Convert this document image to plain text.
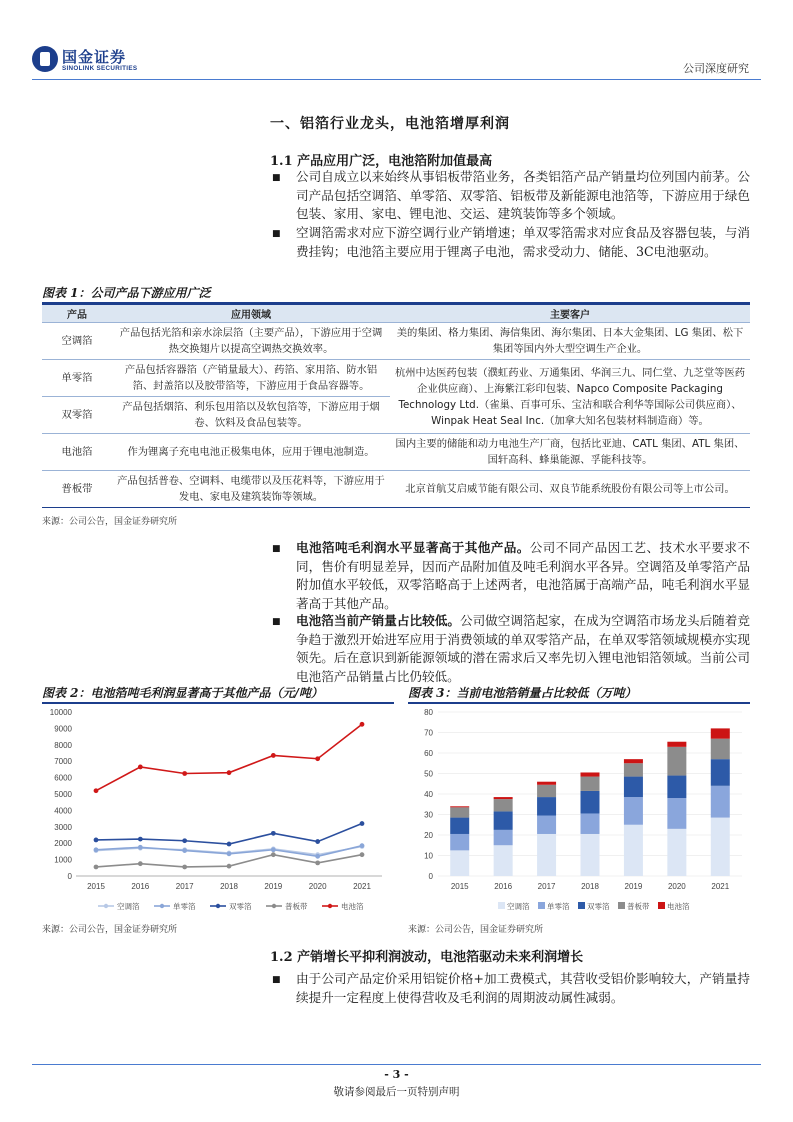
国金证券
SINOLINK SECURITIES	公司深度研究
一、铝箔行业龙头，电池箔增厚利润
1.1 产品应用广泛，电池箔附加值最高
■ 公司自成立以来始终从事铝板带箔业务，各类铝箔产品产销量均位列国内前茅。公司产品包括空调箔、单零箔、双零箔、铝板带及新能源电池箔等，下游应用于绿色包装、家用、家电、锂电池、交运、建筑装饰等多个领域。
■ 空调箔需求对应下游空调行业产销增速；单双零箔需求对应食品及容器包装，与消费挂钩；电池箔主要应用于锂离子电池，需求受动力、储能、3C电池驱动。
图表 1：公司产品下游应用广泛
产品	应用领域	主要客户
空调箔	产品包括光箔和亲水涂层箔（主要产品），下游应用于空调热交换翅片以提高空调热交换效率。	美的集团、格力集团、海信集团、海尔集团、日本大金集团、LG 集团、松下集团等国内外大型空调生产企业。
单零箔	产品包括容器箔（产销量最大）、药箔、家用箔、防水铝箔、封盖箔以及胶带箔等，下游应用于食品容器等。	杭州中达医药包装（濮虹药业、万通集团、华润三九、同仁堂、九芝堂等医药企业供应商）、上海紫江彩印包装、Napco Composite Packaging Technology Ltd.（雀巢、百事可乐、宝洁和联合利华等国际公司供应商）、Winpak Heat Seal Inc.（加拿大知名包装材料制造商）等。
双零箔	产品包括烟箔、利乐包用箔以及软包箔等，下游应用于烟卷、饮料及食品包装等。	
电池箔	作为锂离子充电电池正极集电体，应用于锂电池制造。	国内主要的储能和动力电池生产厂商，包括比亚迪、CATL 集团、ATL 集团、国轩高科、蜂巢能源、孚能科技等。
普板带	产品包括普卷、空调料、电缆带以及压花料等，下游应用于发电、家电及建筑装饰等领域。	北京首航艾启威节能有限公司、双良节能系统股份有限公司等上市公司。
来源：公司公告，国金证券研究所
■ 电池箔吨毛利润水平显著高于其他产品。公司不同产品因工艺、技术水平要求不同，售价有明显差异，因而产品附加值及吨毛利润水平各异。空调箔及单零箔产品附加值水平较低，双零箔略高于上述两者，电池箔属于高端产品，吨毛利润水平显著高于其他产品。
■ 电池箔当前产销量占比较低。公司做空调箔起家，在成为空调箔市场龙头后随着竞争趋于激烈开始进军应用于消费领域的单双零箔产品，在单双零箔领域规模亦实现领先。后在意识到新能源领域的潜在需求后又率先切入锂电池铝箔领域。当前公司电池箔产品销量占比仍较低。
图表 2：电池箔吨毛利润显著高于其他产品（元/吨）	图表 3：当前电池箔销量占比较低（万吨）
0
1000
2000
3000
4000
5000
6000
7000
8000
9000
10000
2015	2016	2017	2018	2019	2020	2021
空调箔	单零箔	双零箔	普板带	电池箔
0
10
20
30
40
50
60
70
80
2015	2016	2017	2018	2019	2020	2021
空调箔 单零箔 双零箔 普板带 电池箔
来源：公司公告，国金证券研究所	来源：公司公告，国金证券研究所
1.2 产销增长平抑利润波动，电池箔驱动未来利润增长
■ 由于公司产品定价采用铝锭价格+加工费模式，其营收受铝价影响较大，产销量持续提升一定程度上使得营收及毛利润的周期波动属性减弱。
- 3 -
敬请参阅最后一页特别声明
